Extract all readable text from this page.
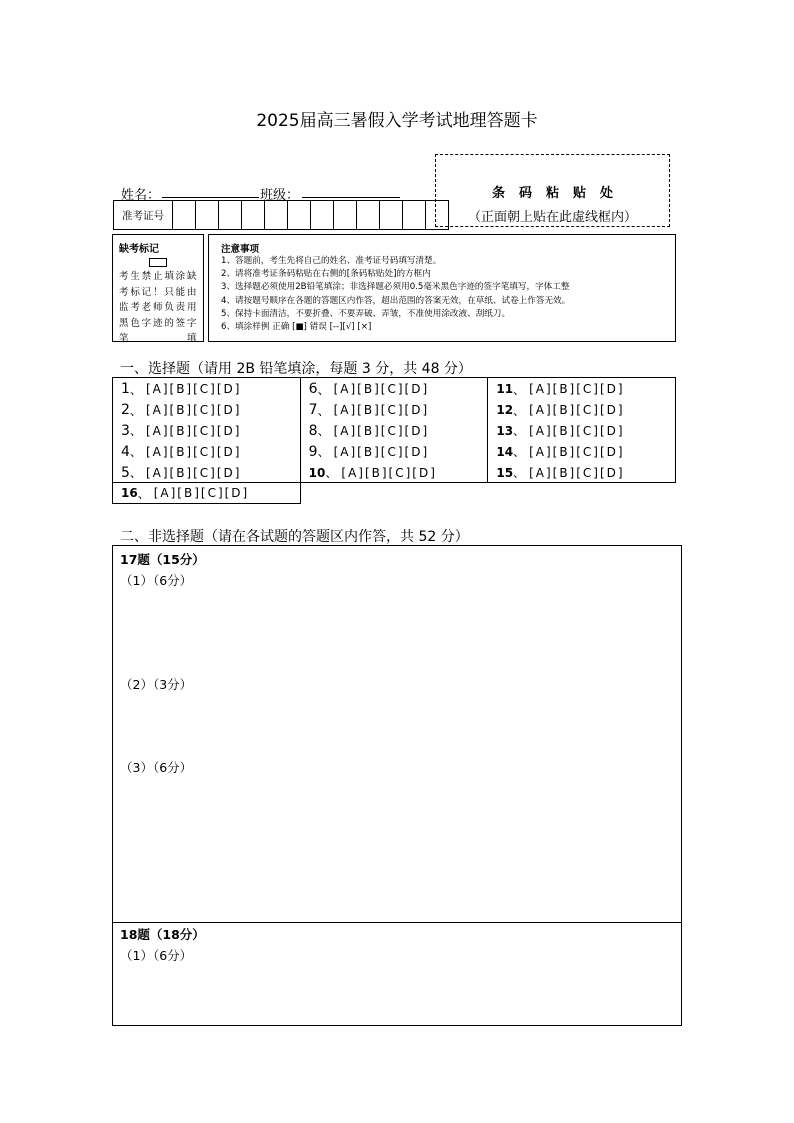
2025届高三暑假入学考试地理答题卡
姓名：	班级：
准考证号
条码粘贴处
（正面朝上贴在此虚线框内）
缺考标记
考生禁止填涂缺考标记！只能由监考老师负责用黑色字迹的签字笔填
注意事项
1、答题前，考生先将自己的姓名、准考证号码填写清楚。
2、请将准考证条码粘贴在右侧的[条码粘贴处]的方框内
3、选择题必须使用2B铅笔填涂；非选择题必须用0.5毫米黑色字迹的签字笔填写，字体工整
4、请按题号顺序在各题的答题区内作答，超出范围的答案无效，在草纸、试卷上作答无效。
5、保持卡面清洁，不要折叠、不要弄破、弄皱，不准使用涂改液、刮纸刀。
6、填涂样例 正确 [■] 错误 [--][√] [×]
一、选择题（请用 2B 铅笔填涂，每题 3 分，共 48 分）
1 、 [A][B][C][D]
2 、 [A][B][C][D]
3 、 [A][B][C][D]
4 、 [A][B][C][D]
5 、 [A][B][C][D]
6 、 [A][B][C][D]
7 、 [A][B][C][D]
8 、 [A][B][C][D]
9 、 [A][B][C][D]
10 、 [A][B][C][D]
11 、 [A][B][C][D]
12 、 [A][B][C][D]
13 、 [A][B][C][D]
14 、 [A][B][C][D]
15 、 [A][B][C][D]
16 、 [A][B][C][D]
二、非选择题（请在各试题的答题区内作答，共 52 分）
17题（15分）
（1）（6分）
（2）（3分）
（3）（6分）
18题（18分）
（1）（6分）
